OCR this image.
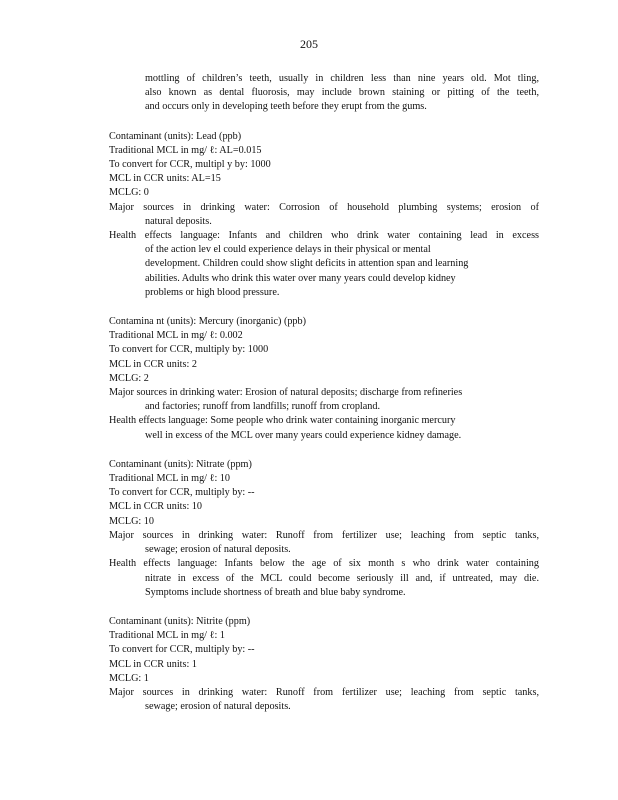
205
mottling of children’s teeth, usually in children less than nine years old. Mot tling,
also known as dental fluorosis, may include brown staining or pitting of the teeth,
and occurs only in developing teeth before they erupt from the gums.
Contaminant (units): Lead (ppb)
Traditional MCL in mg/ ℓ: AL=0.015
To convert for CCR, multipl y by: 1000
MCL in CCR units: AL=15
MCLG: 0
Major sources in drinking water: Corrosion of household plumbing systems; erosion of
natural deposits.
Health effects language: Infants and children who drink water containing lead in excess
of the action lev el could experience delays in their physical or mental
development. Children could show slight deficits in attention span and learning
abilities. Adults who drink this water over many years could develop kidney
problems or high blood pressure.
Contamina nt (units): Mercury (inorganic) (ppb)
Traditional MCL in mg/ ℓ: 0.002
To convert for CCR, multiply by: 1000
MCL in CCR units: 2
MCLG: 2
Major sources in drinking water: Erosion of natural deposits; discharge from refineries
and factories; runoff from landfills; runoff from cropland.
Health effects language: Some people who drink water containing inorganic mercury
well in excess of the MCL over many years could experience kidney damage.
Contaminant (units): Nitrate (ppm)
Traditional MCL in mg/ ℓ: 10
To convert for CCR, multiply by: --
MCL in CCR units: 10
MCLG: 10
Major sources in drinking water: Runoff from fertilizer use; leaching from septic tanks,
sewage; erosion of natural deposits.
Health effects language: Infants below the age of six month s who drink water containing
nitrate in excess of the MCL could become seriously ill and, if untreated, may die.
Symptoms include shortness of breath and blue baby syndrome.
Contaminant (units): Nitrite (ppm)
Traditional MCL in mg/ ℓ: 1
To convert for CCR, multiply by: --
MCL in CCR units: 1
MCLG: 1
Major sources in drinking water: Runoff from fertilizer use; leaching from septic tanks,
sewage; erosion of natural deposits.
